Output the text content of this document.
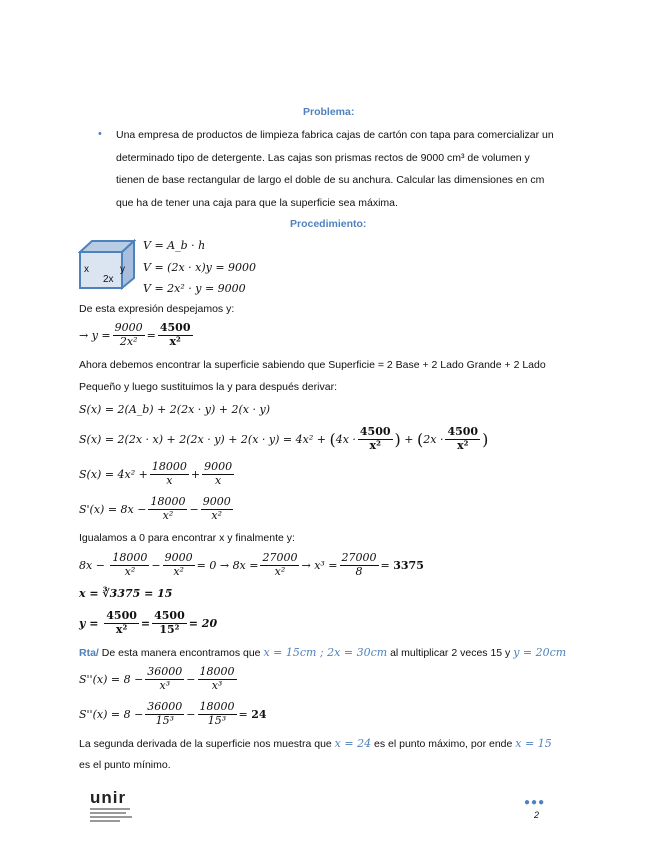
Problema:
• Una empresa de productos de limpieza fabrica cajas de cartón con tapa para comercializar un
determinado tipo de detergente. Las cajas son prismas rectos de 9000 cm³ de volumen y
tienen de base rectangular de largo el doble de su anchura. Calcular las dimensiones en cm
que ha de tener una caja para que la superficie sea máxima.
Procedimiento:
y
x
2x
V = A_b · h
V = (2x · x)y = 9000
V = 2x² · y = 9000
De esta expresión despejamos y:
→ $y = \frac{9000}{\text{2x²}} = \frac{4500}{\text{x²}}$
Ahora debemos encontrar la superficie sabiendo que Superficie = 2 Base + 2 Lado Grande + 2 Lado
Pequeño y luego sustituimos la y para después derivar:
S(x) = 2(A_b) + 2(2x · y) + 2(x · y)
S(x) = 2(2x · x) + 2(2x · y) + 2(x · y) = 4x² +
( $4x \cdot \frac{4500}{\text{x²}}$ ) + ( $2x \cdot \frac{4500}{\text{x²}}$ )
$S(x) = 4x^2 + \frac{18000}{x} + \frac{9000}{x}$
$S'(x) = 8x - \frac{18000}{\text{x²}} - \frac{9000}{\text{x²}}$
Igualamos a 0 para encontrar x y finalmente y:
$8x - \frac{18000}{\text{x²}} - \frac{9000}{\text{x²}} = 0 \to 8x = \frac{27000}{\text{x²}} \to x^3 = \frac{27000}{8} = 3375$
x = ∛3375 = 15
$y = \frac{4500}{\text{x²}} = \frac{4500}{\text{15²}} = 20$
Rta/ De esta manera encontramos que x = 15cm ; 2x = 30cm al multiplicar 2 veces 15 y y = 20cm
$S''(x) = 8 - \frac{36000}{\text{x³}} - \frac{18000}{\text{x³}}$
$S''(x) = 8 - \frac{36000}{\text{15³}} - \frac{18000}{\text{15³}} = 24$
La segunda derivada de la superficie nos muestra que x = 24 es el punto máximo, por ende x = 15
es el punto mínimo.
unir	●●●
2
